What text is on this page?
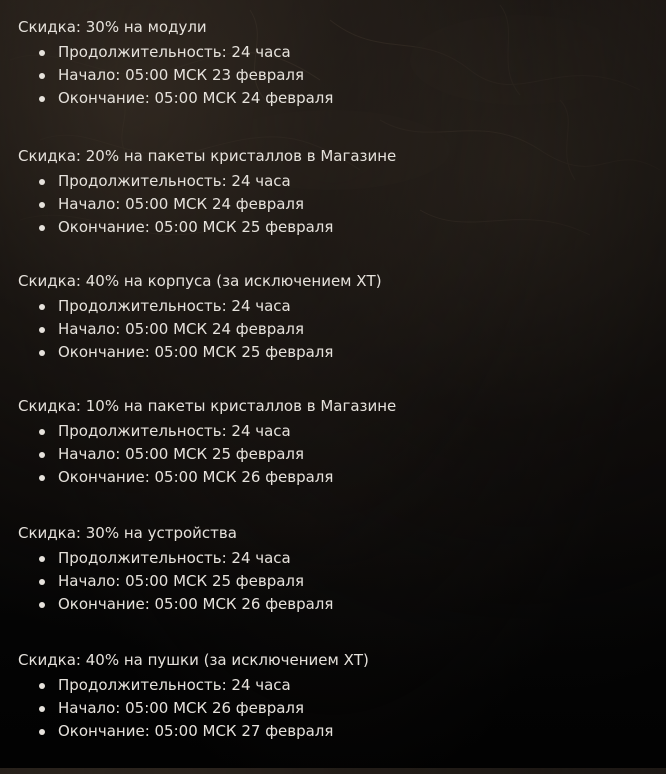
Скидка: 30% на модули

Продолжительность: 24 часа
Начало: 05:00 МСК 23 февраля
Окончание: 05:00 МСК 24 февраля

Скидка: 20% на пакеты кристаллов в Магазине

Продолжительность: 24 часа
Начало: 05:00 МСК 24 февраля
Окончание: 05:00 МСК 25 февраля

Скидка: 40% на корпуса (за исключением ХТ)

Продолжительность: 24 часа
Начало: 05:00 МСК 24 февраля
Окончание: 05:00 МСК 25 февраля

Скидка: 10% на пакеты кристаллов в Магазине

Продолжительность: 24 часа
Начало: 05:00 МСК 25 февраля
Окончание: 05:00 МСК 26 февраля

Скидка: 30% на устройства

Продолжительность: 24 часа
Начало: 05:00 МСК 25 февраля
Окончание: 05:00 МСК 26 февраля

Скидка: 40% на пушки (за исключением ХТ)

Продолжительность: 24 часа
Начало: 05:00 МСК 26 февраля
Окончание: 05:00 МСК 27 февраля
